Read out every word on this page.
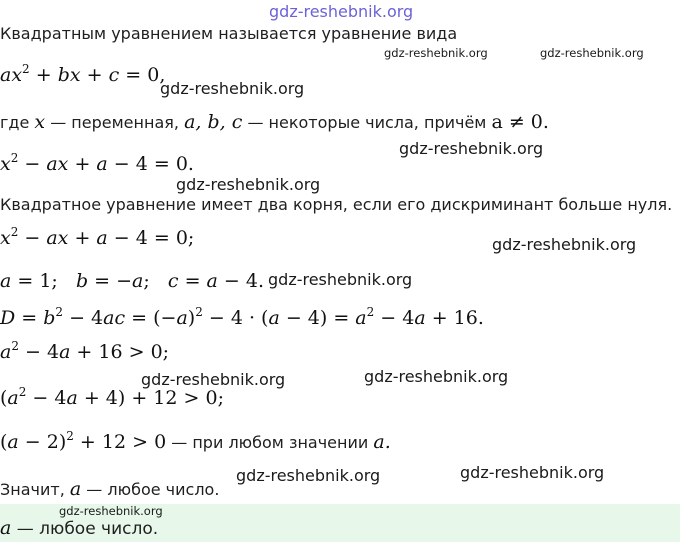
gdz-reshebnik.org
Квадратным уравнением называется уравнение вида
$ax^2$ + bx + c = 0,
где x — переменная, a, b, c — некоторые числа, причём a ≠ 0.
$x^2$ − ax + a − 4 = 0.
Квадратное уравнение имеет два корня, если его дискриминант больше нуля.
$x^2$ − ax + a − 4 = 0;
a = 1;   b = −a;   c = a − 4.
$D = b^2 - 4ac = (-a)^2 - 4 \cdot (a - 4) = a^2 - 4a + 16$.
$a^2 - 4a + 16 > 0$;
$(a^2 - 4a + 4) + 12 > 0$;
$(a - 2)^2 + 12 > 0$ — при любом значении a.
Значит, a — любое число.
a — любое число.
gdz-reshebnik.org	gdz-reshebnik.org
gdz-reshebnik.org
gdz-reshebnik.org
gdz-reshebnik.org
gdz-reshebnik.org
gdz-reshebnik.org
gdz-reshebnik.org	gdz-reshebnik.org
gdz-reshebnik.org	gdz-reshebnik.org
gdz-reshebnik.org
